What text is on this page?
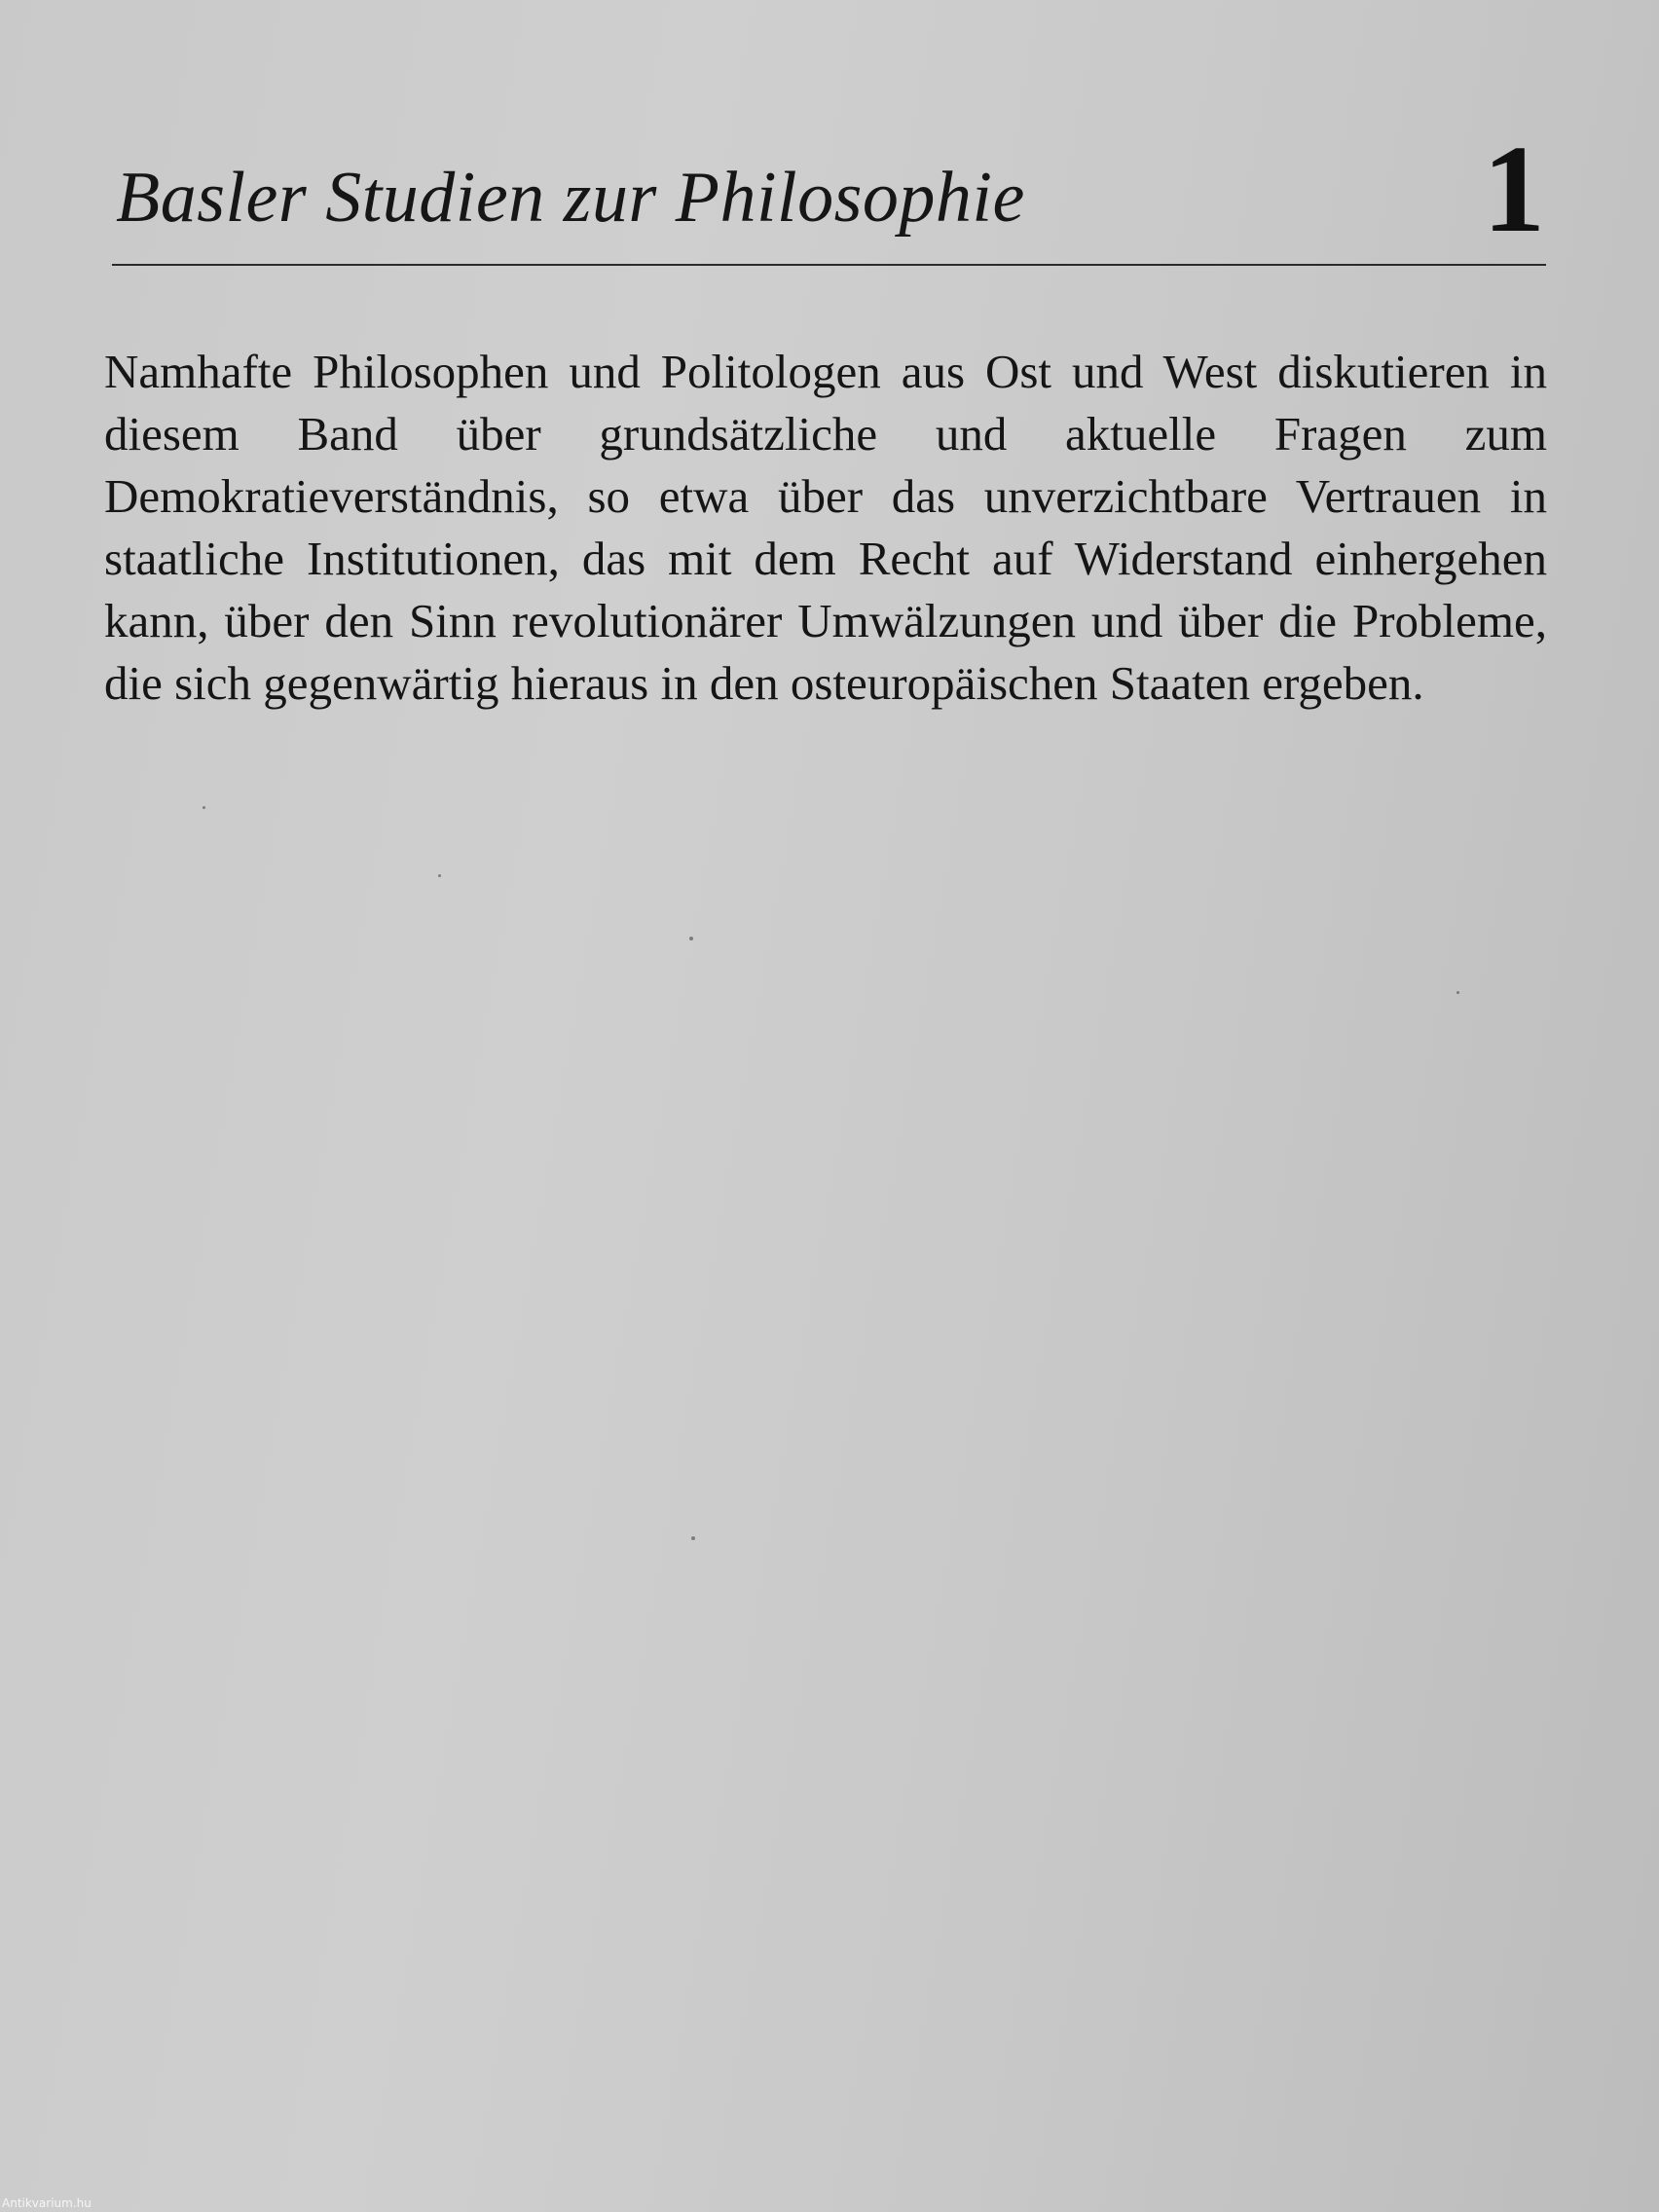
Basler Studien zur Philosophie	1

Namhafte Philosophen und Politologen aus Ost und West diskutieren in diesem Band über grundsätzliche und aktuelle Fragen zum Demokratieverständnis, so etwa über das unverzichtbare Vertrauen in staatliche Institutionen, das mit dem Recht auf Widerstand einhergehen kann, über den Sinn revolutionärer Umwälzungen und über die Probleme, die sich gegenwärtig hieraus in den osteuropäischen Staaten ergeben.

Antikvarium.hu
